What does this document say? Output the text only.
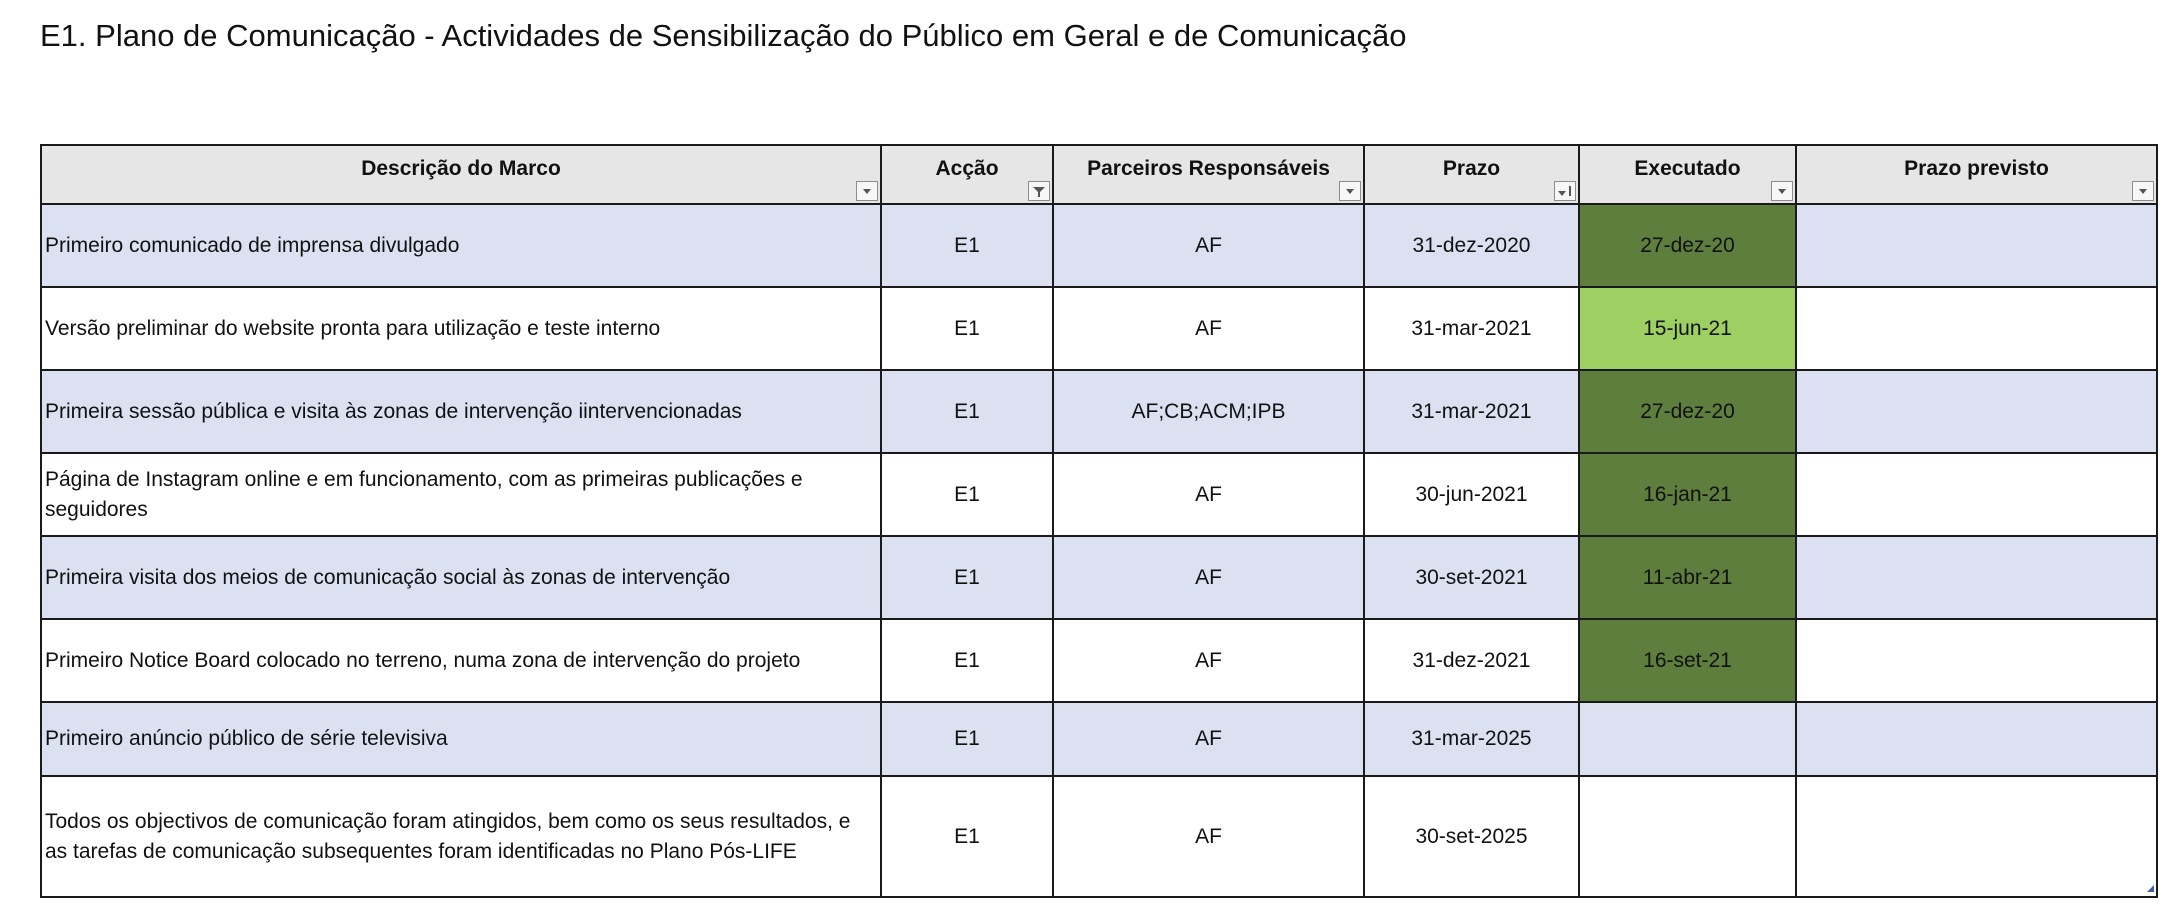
E1. Plano de Comunicação - Actividades de Sensibilização do Público em Geral e de Comunicação
Descrição do Marco	Acção	Parceiros Responsáveis	Prazo	Executado	Prazo previsto

Primeiro comunicado de imprensa divulgado	E1	AF	31-dez-2020	27-dez-20	
Versão preliminar do website pronta para utilização e teste interno	E1	AF	31-mar-2021	15-jun-21	
Primeira sessão pública e visita às zonas de intervenção iintervencionadas	E1	AF;CB;ACM;IPB	31-mar-2021	27-dez-20	
Página de Instagram online e em funcionamento, com as primeiras publicações e seguidores	E1	AF	30-jun-2021	16-jan-21	
Primeira visita dos meios de comunicação social às zonas de intervenção	E1	AF	30-set-2021	11-abr-21	
Primeiro Notice Board colocado no terreno, numa zona de intervenção do projeto	E1	AF	31-dez-2021	16-set-21	
Primeiro anúncio público de série televisiva	E1	AF	31-mar-2025		
Todos os objectivos de comunicação foram atingidos, bem como os seus resultados, e as tarefas de comunicação subsequentes foram identificadas no Plano Pós-LIFE	E1	AF	30-set-2025		
